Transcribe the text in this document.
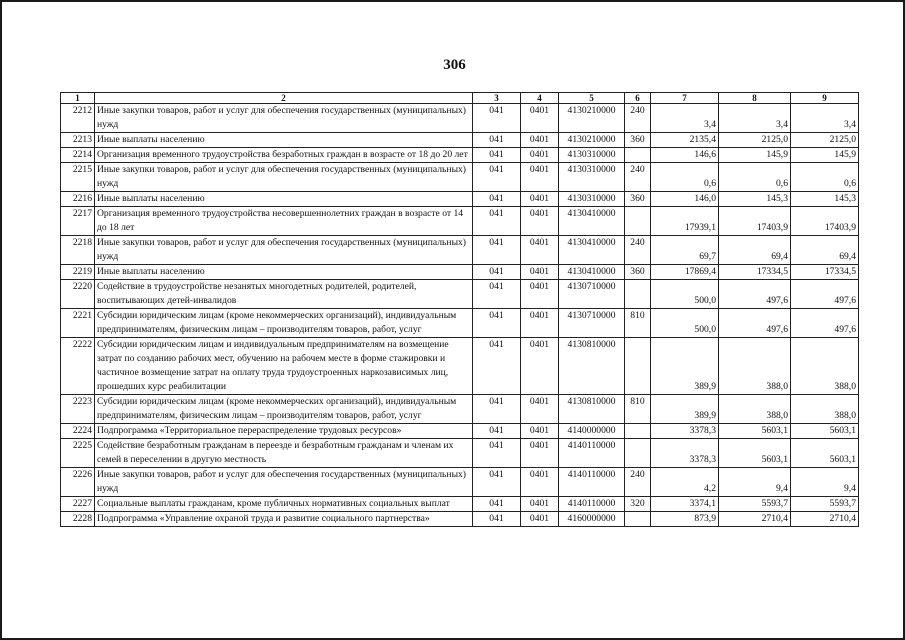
306
1	2	3	4	5	6	7	8	9
2212	Иные закупки товаров, работ и услуг для обеспечения государственных (муниципальных) нужд	041	0401	4130210000	240	3,4	3,4	3,4
2213	Иные выплаты населению	041	0401	4130210000	360	2135,4	2125,0	2125,0
2214	Организация временного трудоустройства безработных граждан в возрасте от 18 до 20 лет	041	0401	4130310000		146,6	145,9	145,9
2215	Иные закупки товаров, работ и услуг для обеспечения государственных (муниципальных) нужд	041	0401	4130310000	240	0,6	0,6	0,6
2216	Иные выплаты населению	041	0401	4130310000	360	146,0	145,3	145,3
2217	Организация временного трудоустройства несовершеннолетних граждан в возрасте от 14 до 18 лет	041	0401	4130410000		17939,1	17403,9	17403,9
2218	Иные закупки товаров, работ и услуг для обеспечения государственных (муниципальных) нужд	041	0401	4130410000	240	69,7	69,4	69,4
2219	Иные выплаты населению	041	0401	4130410000	360	17869,4	17334,5	17334,5
2220	Содействие в трудоустройстве незанятых многодетных родителей, родителей, воспитывающих детей-инвалидов	041	0401	4130710000		500,0	497,6	497,6
2221	Субсидии юридическим лицам (кроме некоммерческих организаций), индивидуальным предпринимателям, физическим лицам – производителям товаров, работ, услуг	041	0401	4130710000	810	500,0	497,6	497,6
2222	Субсидии юридическим лицам и индивидуальным предпринимателям на возмещение затрат по созданию рабочих мест, обучению на рабочем месте в форме стажировки и частичное возмещение затрат на оплату труда трудоустроенных наркозависимых лиц, прошедших курс реабилитации	041	0401	4130810000		389,9	388,0	388,0
2223	Субсидии юридическим лицам (кроме некоммерческих организаций), индивидуальным предпринимателям, физическим лицам – производителям товаров, работ, услуг	041	0401	4130810000	810	389,9	388,0	388,0
2224	Подпрограмма «Территориальное перераспределение трудовых ресурсов»	041	0401	4140000000		3378,3	5603,1	5603,1
2225	Содействие безработным гражданам в переезде и безработным гражданам и членам их семей в переселении в другую местность	041	0401	4140110000		3378,3	5603,1	5603,1
2226	Иные закупки товаров, работ и услуг для обеспечения государственных (муниципальных) нужд	041	0401	4140110000	240	4,2	9,4	9,4
2227	Социальные выплаты гражданам, кроме публичных нормативных социальных выплат	041	0401	4140110000	320	3374,1	5593,7	5593,7
2228	Подпрограмма «Управление охраной труда и развитие социального партнерства»	041	0401	4160000000		873,9	2710,4	2710,4
